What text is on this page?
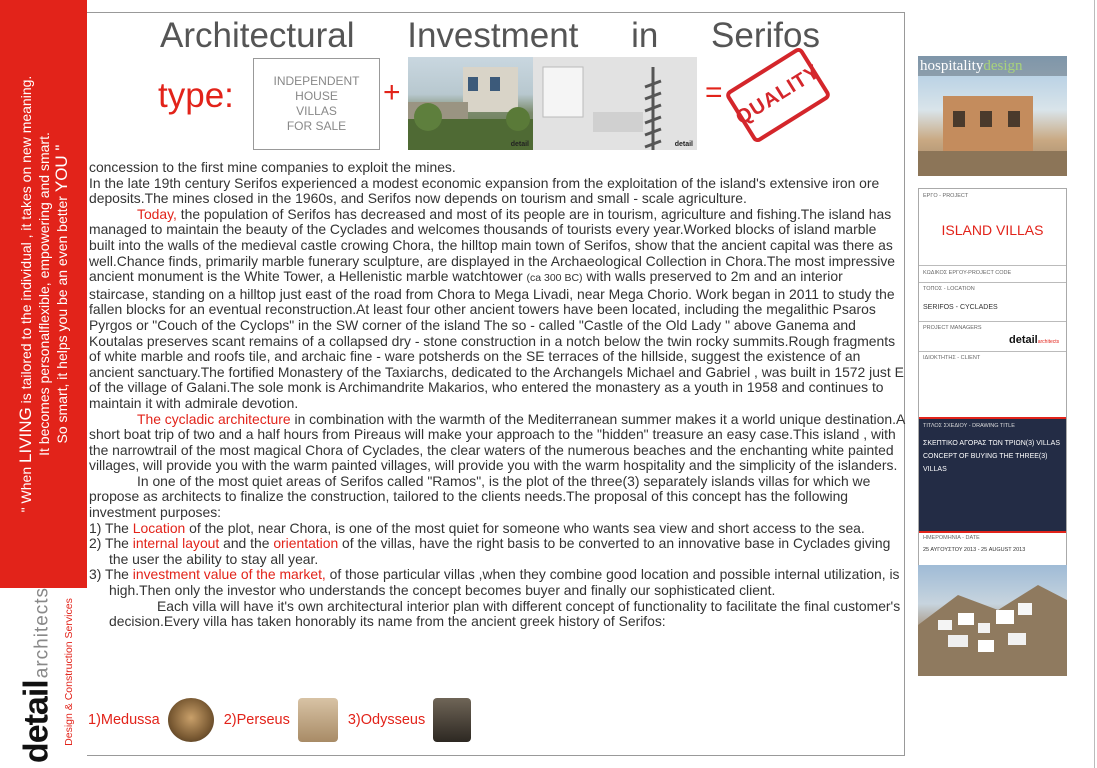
" When LIVING is tailored to the individual , it takes on new meaning. It becomes personalflexible, empowering and smart. So smart, it helps you be an even better YOU "
detail
architects Design & Construction Services
Architectural Investment in Serifos
type:	INDEPENDENT HOUSE
VILLAS
FOR SALE
+
detail	detail
= QUALITY

concession to the first mine companies to exploit the mines.

In the late 19th century Serifos experienced a modest economic expansion from the exploitation of the island's extensive iron ore deposits.The mines closed in the 1960s, and Serifos now depends on tourism and small - scale agriculture.

Today, the population of Serifos has decreased and most of its people are in tourism, agriculture and fishing.The island has managed to maintain the beauty of the Cyclades and welcomes thousands of tourists every year.Worked blocks of island marble built into the walls of the medieval castle crowing Chora, the hilltop main town of Serifos, show that the ancient capital was there as well.Chance finds, primarily marble funerary sculpture, are displayed in the Archaeological Collection in Chora.The most impressive ancient monument is the White Tower, a Hellenistic marble watchtower (ca 300 BC) with walls preserved to 2m and an interior staircase, standing on a hilltop just east of the road from Chora to Mega Livadi, near Mega Chorio. Work began in 2011 to study the fallen blocks for an eventual reconstruction.At least four other ancient towers have been located, including the megalithic Psaros Pyrgos or "Couch of the Cyclops" in the SW corner of the island The so - called "Castle of the Old Lady " above Ganema and Koutalas preserves scant remains of a collapsed dry - stone construction in a notch below the twin rocky summits.Rough fragments of white marble and roofs tile, and archaic fine - ware potsherds on the SE terraces of the hillside, suggest the existence of an ancient sanctuary.The fortified Monastery of the Taxiarchs, dedicated to the Archangels Michael and Gabriel , was built in 1572 just E of the village of Galani.The sole monk is Archimandrite Makarios, who entered the monastery as a youth in 1958 and continues to maintain it with admirale devotion.

The cycladic architecture in combination with the warmth of the Mediterranean summer makes it a world unique destination.A short boat trip of two and a half hours from Pireaus will make your approach to the "hidden" treasure an easy case.This island , with the narrowtrail of the most magical Chora of Cyclades, the clear waters of the numerous beaches and the enchanting white painted villages, will provide you with the warm painted villages, will provide you with the warm hospitality and the simplicity of the islanders.

In one of the most quiet areas of Serifos called "Ramos", is the plot of the three(3) separately islands villas for which we propose as architects to finalize the construction, tailored to the clients needs.The proposal of this concept has the following investment purposes:

1) The Location of the plot, near Chora, is one of the most quiet for someone who wants sea view and short access to the sea.

2) The internal layout and the orientation of the villas, have the right basis to be converted to an innovative base in Cyclades giving the user the ability to stay all year.

3) The investment value of the market, of those particular villas ,when they combine good location and possible internal utilization, is high.Then only the investor who understands the concept becomes buyer and finally our sophisticated client.

Each villa will have it's own architectural interior plan with different concept of functionality to facilitate the final customer's decision.Every villa has taken honorably its name from the ancient greek history of Serifos:

1)Medussa	2)Perseus	3)Odysseus
hospitalitydesign
ΕΡΓΟ - PROJECT
ISLAND VILLAS
ΚΩΔΙΚΟΣ ΕΡΓΟΥ-PROJECT CODE
ΤΟΠΟΣ - LOCATION
SERIFOS - CYCLADES
PROJECT MANAGERS
detailarchitects
ΙΔΙΟΚΤΗΤΗΣ - CLIENT
ΤΙΤΛΟΣ ΣΧΕΔΙΟΥ - DRAWING TITLE
ΣΚΕΠΤΙΚΟ ΑΓΟΡΑΣ ΤΩΝ ΤΡΙΩΝ(3) VILLAS CONCEPT OF BUYING THE THREE(3) VILLAS
ΗΜΕΡΟΜΗΝΙΑ - DATE
25 ΑΥΓΟΥΣΤΟΥ 2013 - 25 AUGUST 2013
